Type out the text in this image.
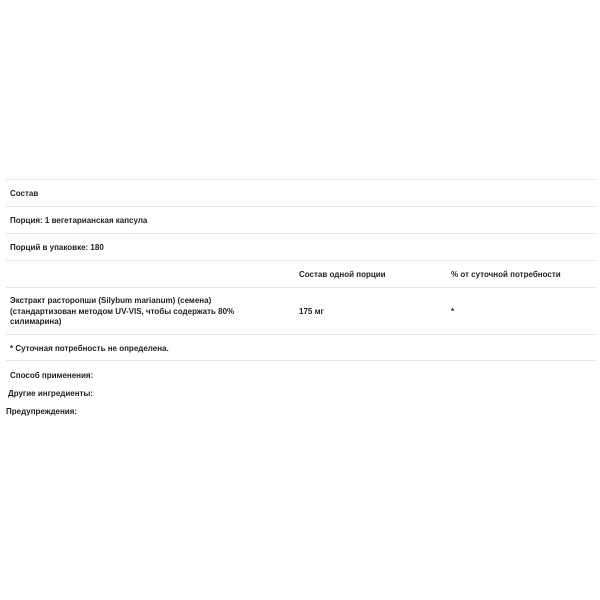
Состав
Порция: 1 вегетарианская капсула
Порций в упаковке: 180
Состав одной порции	% от суточной потребности
Экстракт расторопши (Silybum marianum) (семена) (стандартизован методом UV-VIS, чтобы содержать 80% силимарина)
175 мг	*
* Суточная потребность не определена.
Способ применения:
Другие ингредиенты:
Предупреждения:
